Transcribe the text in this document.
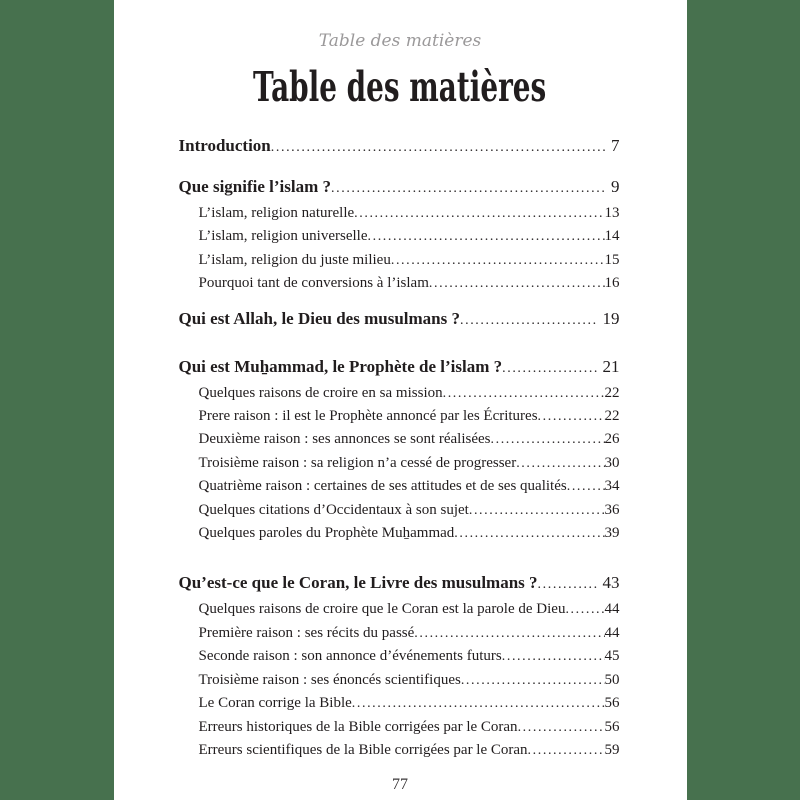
Table des matières
Table des matières
Introduction .....	7
Que signifie l’islam ? .....	9
L’islam, religion naturelle .....	13
L’islam, religion universelle .....	14
L’islam, religion du juste milieu .....	15
Pourquoi tant de conversions à l’islam .....	16
Qui est Allah, le Dieu des musulmans ? .....	19
Qui est Muẖammad, le Prophète de l’islam ? .....	21
Quelques raisons de croire en sa mission .....	22
Prere raison : il est le Prophète annoncé par les Écritures .....	22
Deuxième raison : ses annonces se sont réalisées .....	26
Troisième raison : sa religion n’a cessé de progresser .....	30
Quatrième raison : certaines de ses attitudes et de ses qualités .....	34
Quelques citations d’Occidentaux à son sujet .....	36
Quelques paroles du Prophète Muẖammad .....	39
Qu’est-ce que le Coran, le Livre des musulmans ? .....	43
Quelques raisons de croire que le Coran est la parole de Dieu .....	44
Première raison : ses récits du passé .....	44
Seconde raison : son annonce d’événements futurs .....	45
Troisième raison : ses énoncés scientifiques .....	50
Le Coran corrige la Bible .....	56
Erreurs historiques de la Bible corrigées par le Coran .....	56
Erreurs scientifiques de la Bible corrigées par le Coran .....	59
77
